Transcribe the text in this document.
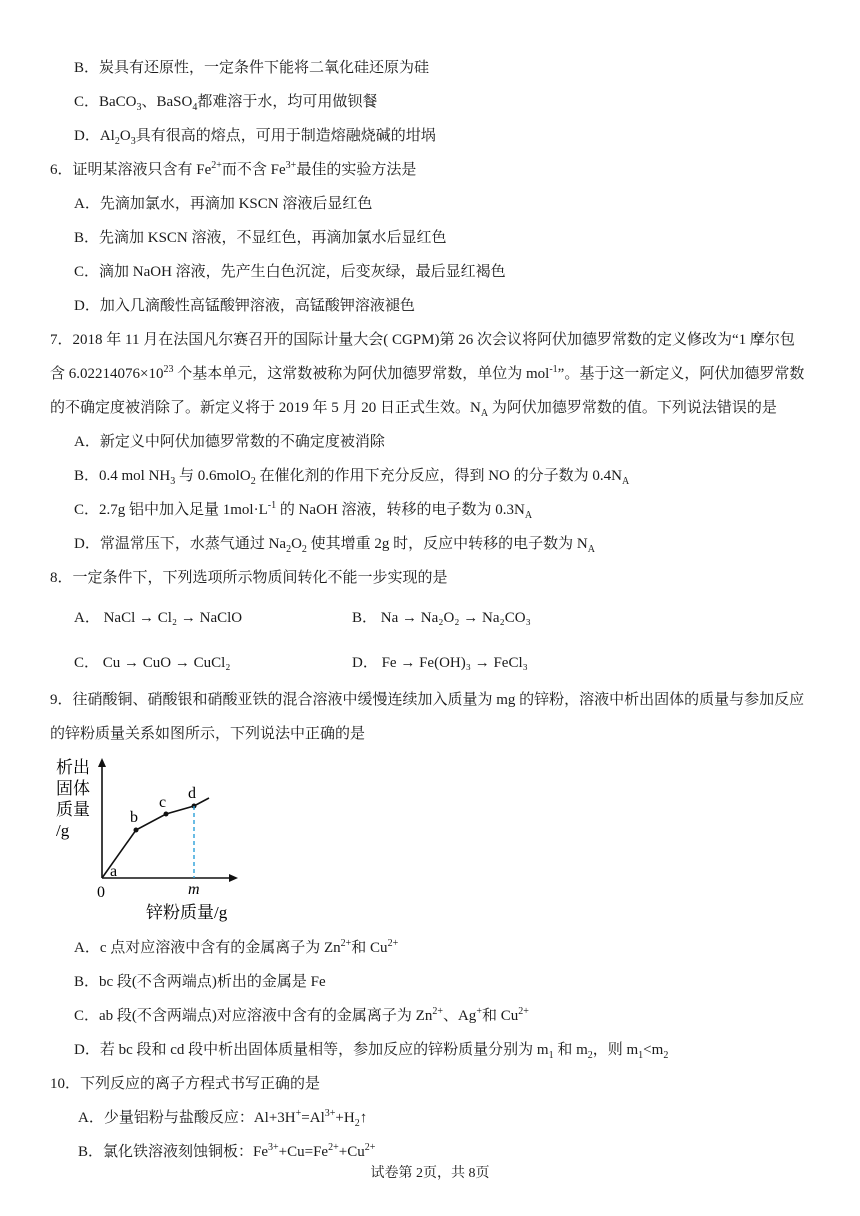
B．炭具有还原性，一定条件下能将二氧化硅还原为硅
C．BaCO$_3$、BaSO$_4$都难溶于水，均可用做钡餐
D．$Al_2O_3$具有很高的熔点，可用于制造熔融烧碱的坩埚
6．证明某溶液只含有 $Fe^{2+}$而不含 $Fe^{3+}$最佳的实验方法是
A．先滴加氯水，再滴加 KSCN 溶液后显红色
B．先滴加 KSCN 溶液，不显红色，再滴加氯水后显红色
C．滴加 NaOH 溶液，先产生白色沉淀，后变灰绿，最后显红褐色
D．加入几滴酸性高锰酸钾溶液，高锰酸钾溶液褪色
7．2018 年 11 月在法国凡尔赛召开的国际计量大会( CGPM)第 26 次会议将阿伏加德罗常数的定义修改为“1 摩尔包
含 $6.02214076\times 10^{23}$ 个基本单元，这常数被称为阿伏加德罗常数，单位为 mol$^{-1}$”。基于这一新定义，阿伏加德罗常数
的不确定度被消除了。新定义将于 2019 年 5 月 20 日正式生效。$N_A$ 为阿伏加德罗常数的值。下列说法错误的是
A．新定义中阿伏加德罗常数的不确定度被消除
B．0.4 mol $NH_3$ 与 0.6molO$_2$ 在催化剂的作用下充分反应，得到 NO 的分子数为 $0.4N_A$
C．2.7g 铝中加入足量 $1mol\cdot L^{-1}$ 的 NaOH 溶液，转移的电子数为 $0.3N_A$
D．常温常压下，水蒸气通过 $Na_2O_2$ 使其增重 2g 时，反应中转移的电子数为 $N_A$
8．一定条件下，下列选项所示物质间转化不能一步实现的是
A． NaCl → Cl₂ → NaClO	B． Na → Na₂O₂ → Na₂CO₃
C． Cu → CuO → CuCl₂	D． Fe → Fe(OH)₃ → FeCl₃
9．往硝酸铜、硝酸银和硝酸亚铁的混合溶液中缓慢连续加入质量为 mg 的锌粉，溶液中析出固体的质量与参加反应
的锌粉质量关系如图所示，下列说法中正确的是
析出
固体
质量
/g
0
a
b
c
d
m
锌粉质量/g
A．c 点对应溶液中含有的金属离子为 $Zn^{2+}$和 $Cu^{2+}$
B．bc 段(不含两端点)析出的金属是 Fe
C．ab 段(不含两端点)对应溶液中含有的金属离子为 $Zn^{2+}$、Ag+和 $Cu^{2+}$
D．若 bc 段和 cd 段中析出固体质量相等，参加反应的锌粉质量分别为 $m_1$ 和 $m_2$，则 $m_1<m_2$
10．下列反应的离子方程式书写正确的是
A．少量铝粉与盐酸反应：$Al+3H^+=Al^{3+}+H_2↑$
B．氯化铁溶液刻蚀铜板：$Fe^{3+}+Cu=Fe^{2+}+Cu^{2+}$
试卷第 2页，共 8页
